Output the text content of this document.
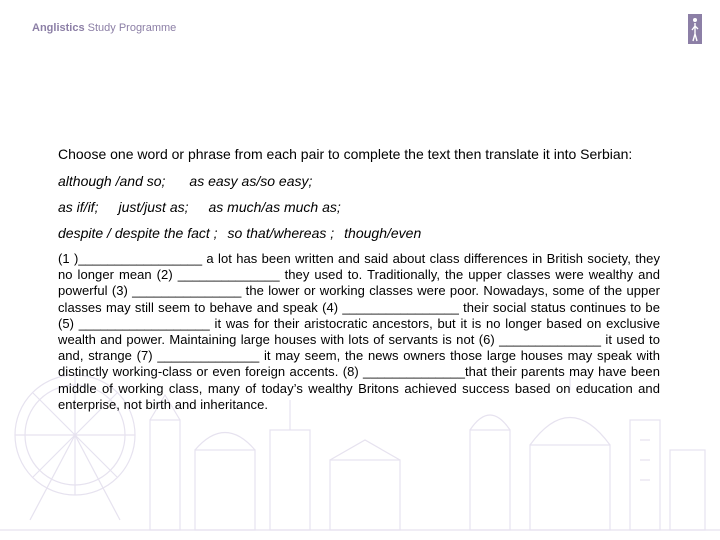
Anglistics Study Programme

Choose one word or phrase from each pair to complete the text then translate it into Serbian:

although /and so; as easy as/so easy;
as if/if; just/just as; as much/as much as;
despite / despite the fact ; so that/whereas ; though/even

(1 )_________________ a lot has been written and said about class differences in British society, they no longer mean (2) ______________ they used to. Traditionally, the upper classes were wealthy and powerful (3) _______________ the lower or working classes were poor. Nowadays, some of the upper classes may still seem to behave and speak (4) ________________ their social status continues to be (5) __________________ it was for their aristocratic ancestors, but it is no longer based on exclusive wealth and power. Maintaining large houses with lots of servants is not (6) ______________ it used to and, strange (7) ______________ it may seem, the news owners those large houses may speak with distinctly working-class or even foreign accents. (8) ______________that their parents may have been middle of working class, many of today’s wealthy Britons achieved success based on education and enterprise, not birth and inheritance.
